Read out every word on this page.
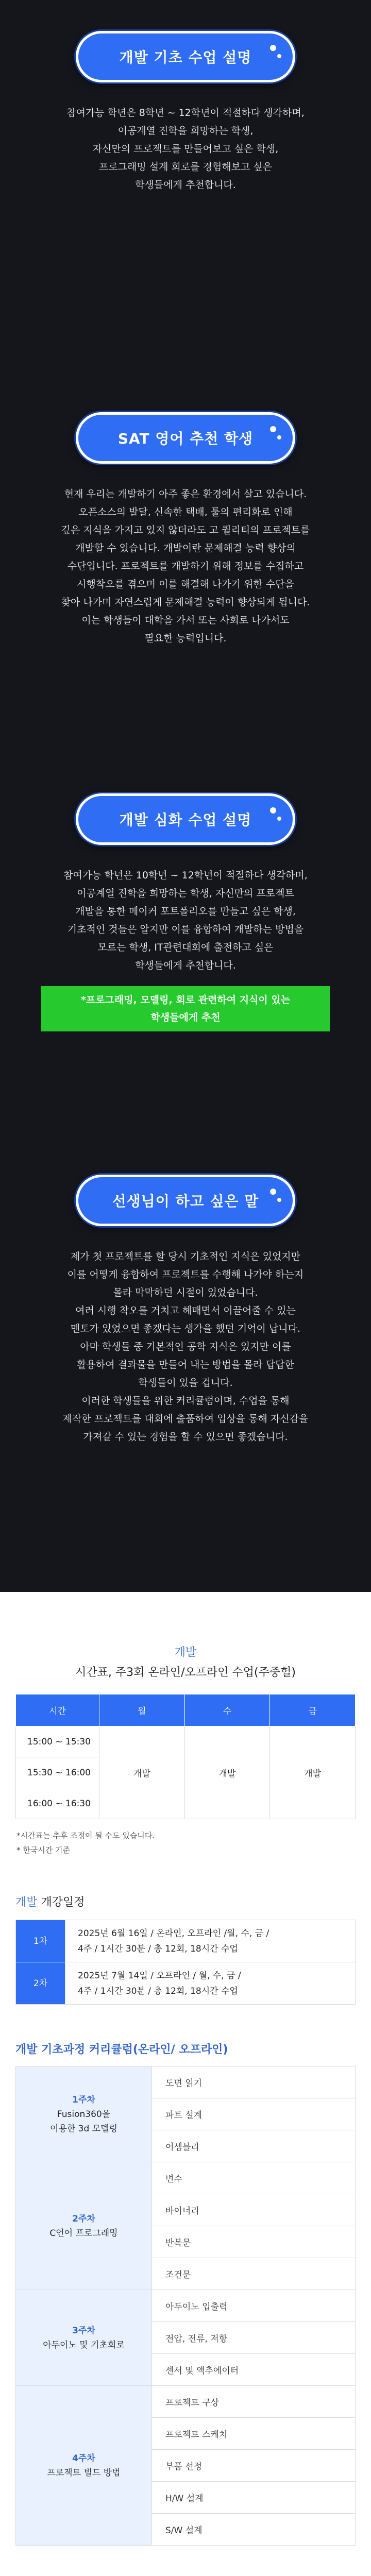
개발 기초 수업 설명
참여가능 학년은 8학년 ~ 12학년이 적절하다 생각하며,
이공계열 진학을 희망하는 학생,
자신만의 프로젝트를 만들어보고 싶은 학생,
프로그래밍 설계 회로를 경험해보고 싶은
학생들에게 추천합니다.
SAT 영어 추천 학생
현재 우리는 개발하기 아주 좋은 환경에서 살고 있습니다.
오픈소스의 발달, 신속한 택배, 툴의 편리화로 인해
깊은 지식을 가지고 있지 않더라도 고 퀄리티의 프로젝트를
개발할 수 있습니다. 개발이란 문제해결 능력 향상의
수단입니다. 프로젝트를 개발하기 위해 정보를 수집하고
시행착오를 겪으며 이를 해결해 나가기 위한 수단을
찾아 나가며 자연스럽게 문제해결 능력이 향상되게 됩니다.
이는 학생들이 대학을 가서 또는 사회로 나가서도
필요한 능력입니다.
개발 심화 수업 설명
참여가능 학년은 10학년 ~ 12학년이 적절하다 생각하며,
이공계열 진학을 희망하는 학생, 자신만의 프로젝트
개발을 통한 메이커 포트폴리오를 만들고 싶은 학생,
기초적인 것들은 알지만 이를 융합하여 개발하는 방법을
모르는 학생, IT관련대회에 출전하고 싶은
학생들에게 추천합니다.
*프로그래밍, 모델링, 회로 관련하여 지식이 있는
학생들에게 추천
선생님이 하고 싶은 말
제가 첫 프로젝트를 할 당시 기초적인 지식은 있었지만
이를 어떻게 융합하여 프로젝트를 수행해 나가야 하는지
몰라 막막하던 시절이 있었습니다.
여러 시행 착오를 거치고 헤매면서 이끌어줄 수 있는
멘토가 있었으면 좋겠다는 생각을 했던 기억이 납니다.
아마 학생들 중 기본적인 공학 지식은 있지만 이를
활용하여 결과물을 만들어 내는 방법을 몰라 답답한
학생들이 있을 겁니다.
이러한 학생들을 위한 커리큘럼이며, 수업을 통해
제작한 프로젝트를 대회에 출품하여 입상을 통해 자신감을
가져갈 수 있는 경험을 할 수 있으면 좋겠습니다.
개발
시간표, 주3회 온라인/오프라인 수업(주중헐)
시간	월	수	금
15:00 ~ 15:30	개발	개발	개발
15:30 ~ 16:00			
16:00 ~ 16:30			
*시간표는 추후 조정이 될 수도 있습니다.
* 한국시간 기준
개발 개강일정
1차	2025년 6월 16일 / 온라인, 오프라인 /월, 수, 금 /
4주 / 1시간 30분 / 총 12회, 18시간 수업

2차	2025년 7월 14일 / 오프라인 / 월, 수, 금 /
4주 / 1시간 30분 / 총 12회, 18시간 수업
개발 기초과정 커리큘럼(온라인/ 오프라인)
1주차
Fusion360을
이용한 3d 모델링	도면 읽기
	파트 설계
	어셈블리

2주차
C언어 프로그래밍	변수
	바이너리
	반복문
	조건문

3주차
아두이노 및 기초회로	아두이노 입출력
	전압, 전류, 저항
	센서 및 액추에이터

4주차
프로젝트 빌드 방법	프로젝트 구상
	프로젝트 스케치
	부품 선정
	H/W 설계
	S/W 설계
